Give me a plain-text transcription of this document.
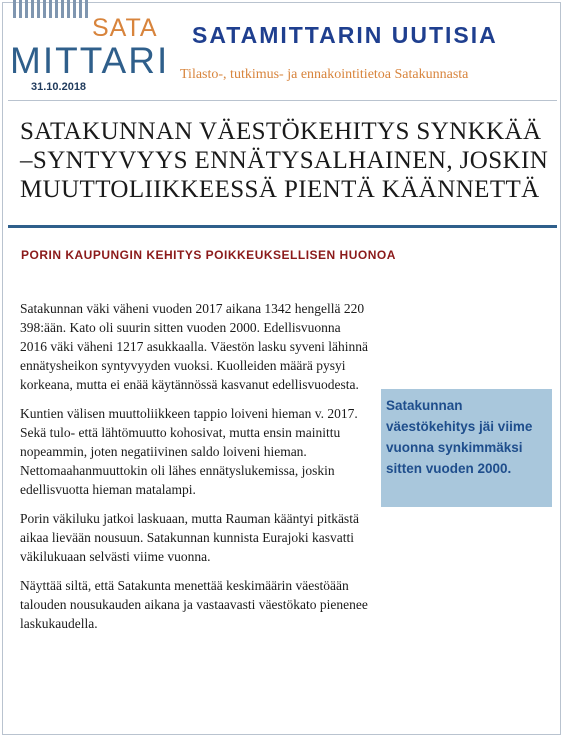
SATA
MITTARI
31.10.2018
SATAMITTARIN UUTISIA
Tilasto-, tutkimus- ja ennakointitietoa Satakunnasta
SATAKUNNAN VÄESTÖKEHITYS SYNKKÄÄ –SYNTYVYYS ENNÄTYSALHAINEN, JOSKIN MUUTTOLIIKKEESSÄ PIENTÄ KÄÄNNETTÄ
PORIN KAUPUNGIN KEHITYS POIKKEUKSELLISEN HUONOA

Satakunnan väki väheni vuoden 2017 aikana 1342 hengellä 220 398:ään. Kato oli suurin sitten vuoden 2000. Edellisvuonna 2016 väki väheni 1217 asukkaalla. Väestön lasku syveni lähinnä ennätysheikon syntyvyyden vuoksi. Kuolleiden määrä pysyi korkeana, mutta ei enää käytännössä kasvanut edellisvuodesta.

Kuntien välisen muuttoliikkeen tappio loiveni hieman v. 2017. Sekä tulo- että lähtömuutto kohosivat, mutta ensin mainittu nopeammin, joten negatiivinen saldo loiveni hieman. Nettomaahanmuuttokin oli lähes ennätyslukemissa, joskin edellisvuotta hieman matalampi.

Porin väkiluku jatkoi laskuaan, mutta Rauman kääntyi pitkästä aikaa lievään nousuun. Satakunnan kunnista Eurajoki kasvatti väkilukuaan selvästi viime vuonna.

Näyttää siltä, että Satakunta menettää keskimäärin väestöään talouden nousukauden aikana ja vastaavasti väestökato pienenee laskukaudella.

Satakunnan väestökehitys jäi viime vuonna synkimmäksi sitten vuoden 2000.
